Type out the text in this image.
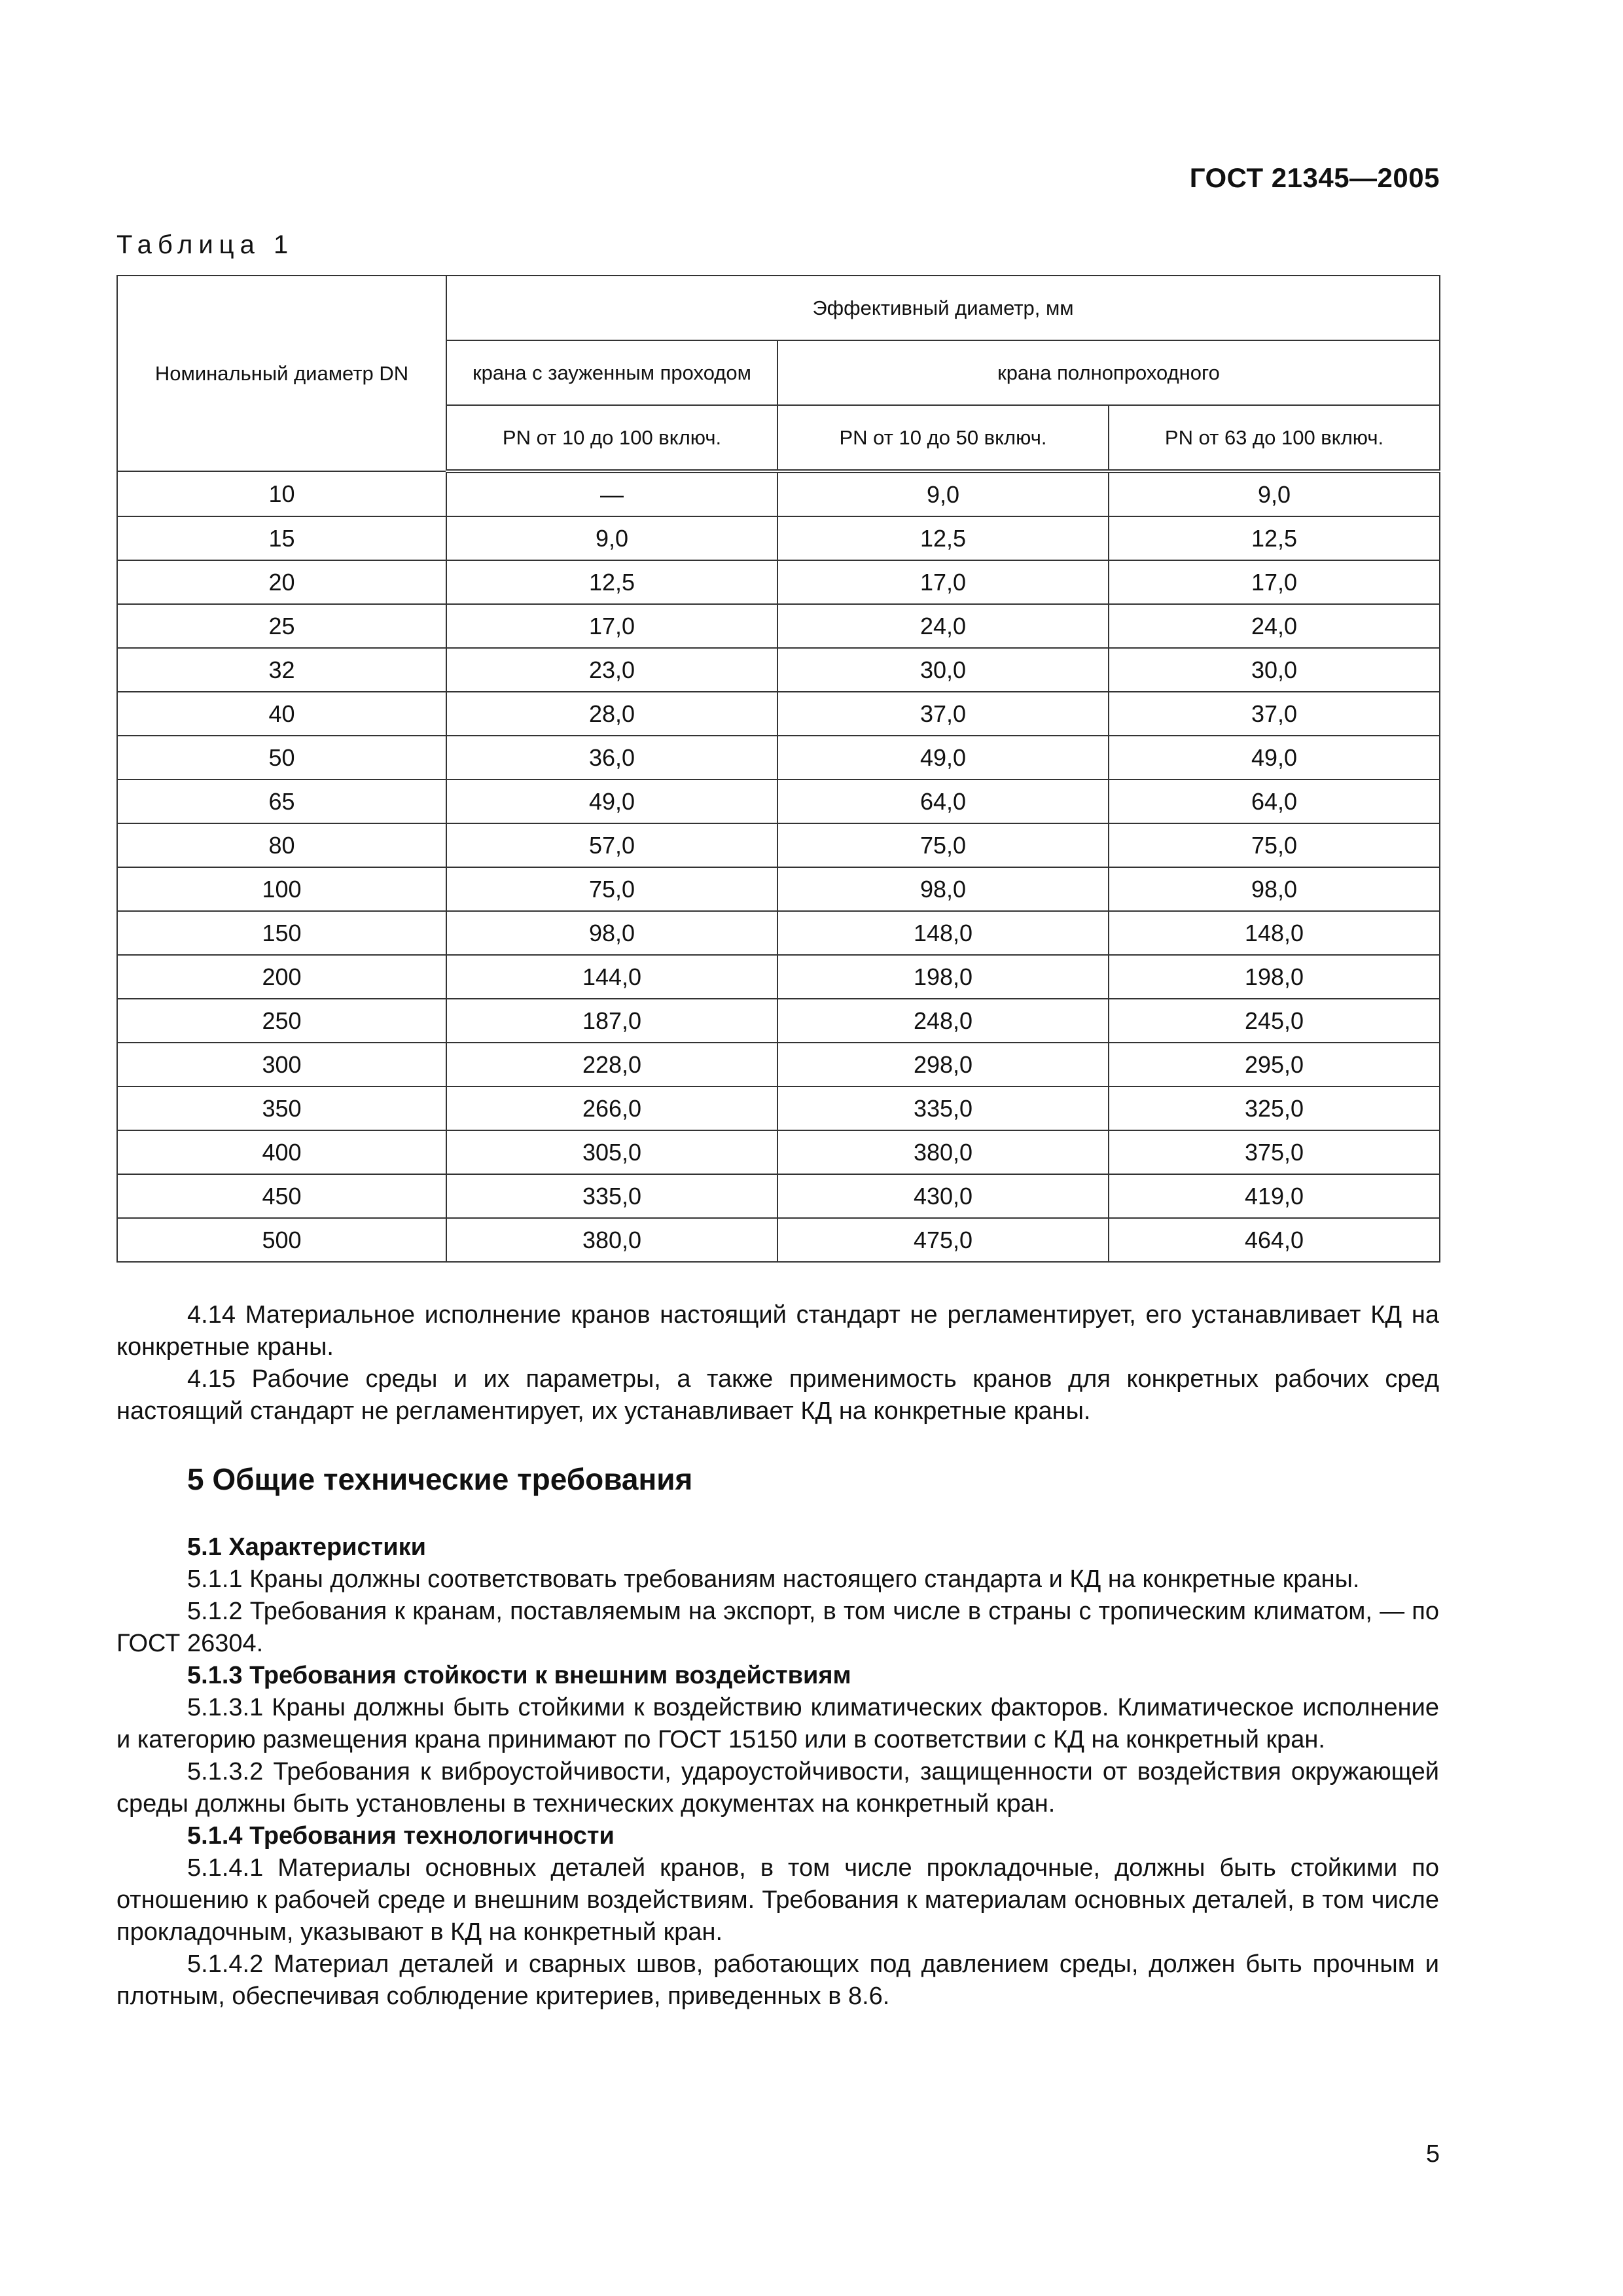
ГОСТ 21345—2005
Таблица 1
Номинальный диаметр DN	Эффективный диаметр, мм		
	крана с зауженным проходом	крана полнопроходного	
	PN от 10 до 100 включ.	PN от 10 до 50 включ.	PN от 63 до 100 включ.
10	—	9,0	9,0
15	9,0	12,5	12,5
20	12,5	17,0	17,0
25	17,0	24,0	24,0
32	23,0	30,0	30,0
40	28,0	37,0	37,0
50	36,0	49,0	49,0
65	49,0	64,0	64,0
80	57,0	75,0	75,0
100	75,0	98,0	98,0
150	98,0	148,0	148,0
200	144,0	198,0	198,0
250	187,0	248,0	245,0
300	228,0	298,0	295,0
350	266,0	335,0	325,0
400	305,0	380,0	375,0
450	335,0	430,0	419,0
500	380,0	475,0	464,0

4.14 Материальное исполнение кранов настоящий стандарт не регламентирует, его устанавливает КД на конкретные краны.

4.15 Рабочие среды и их параметры, а также применимость кранов для конкретных рабочих сред настоящий стандарт не регламентирует, их устанавливает КД на конкретные краны.

5 Общие технические требования

5.1 Характеристики

5.1.1 Краны должны соответствовать требованиям настоящего стандарта и КД на конкретные краны.

5.1.2 Требования к кранам, поставляемым на экспорт, в том числе в страны с тропическим климатом, — по ГОСТ 26304.

5.1.3 Требования стойкости к внешним воздействиям

5.1.3.1 Краны должны быть стойкими к воздействию климатических факторов. Климатическое исполнение и категорию размещения крана принимают по ГОСТ 15150 или в соответствии с КД на конкретный кран.

5.1.3.2 Требования к виброустойчивости, удароустойчивости, защищенности от воздействия окружающей среды должны быть установлены в технических документах на конкретный кран.

5.1.4 Требования технологичности

5.1.4.1 Материалы основных деталей кранов, в том числе прокладочные, должны быть стойкими по отношению к рабочей среде и внешним воздействиям. Требования к материалам основных деталей, в том числе прокладочным, указывают в КД на конкретный кран.

5.1.4.2 Материал деталей и сварных швов, работающих под давлением среды, должен быть прочным и плотным, обеспечивая соблюдение критериев, приведенных в 8.6.

5
